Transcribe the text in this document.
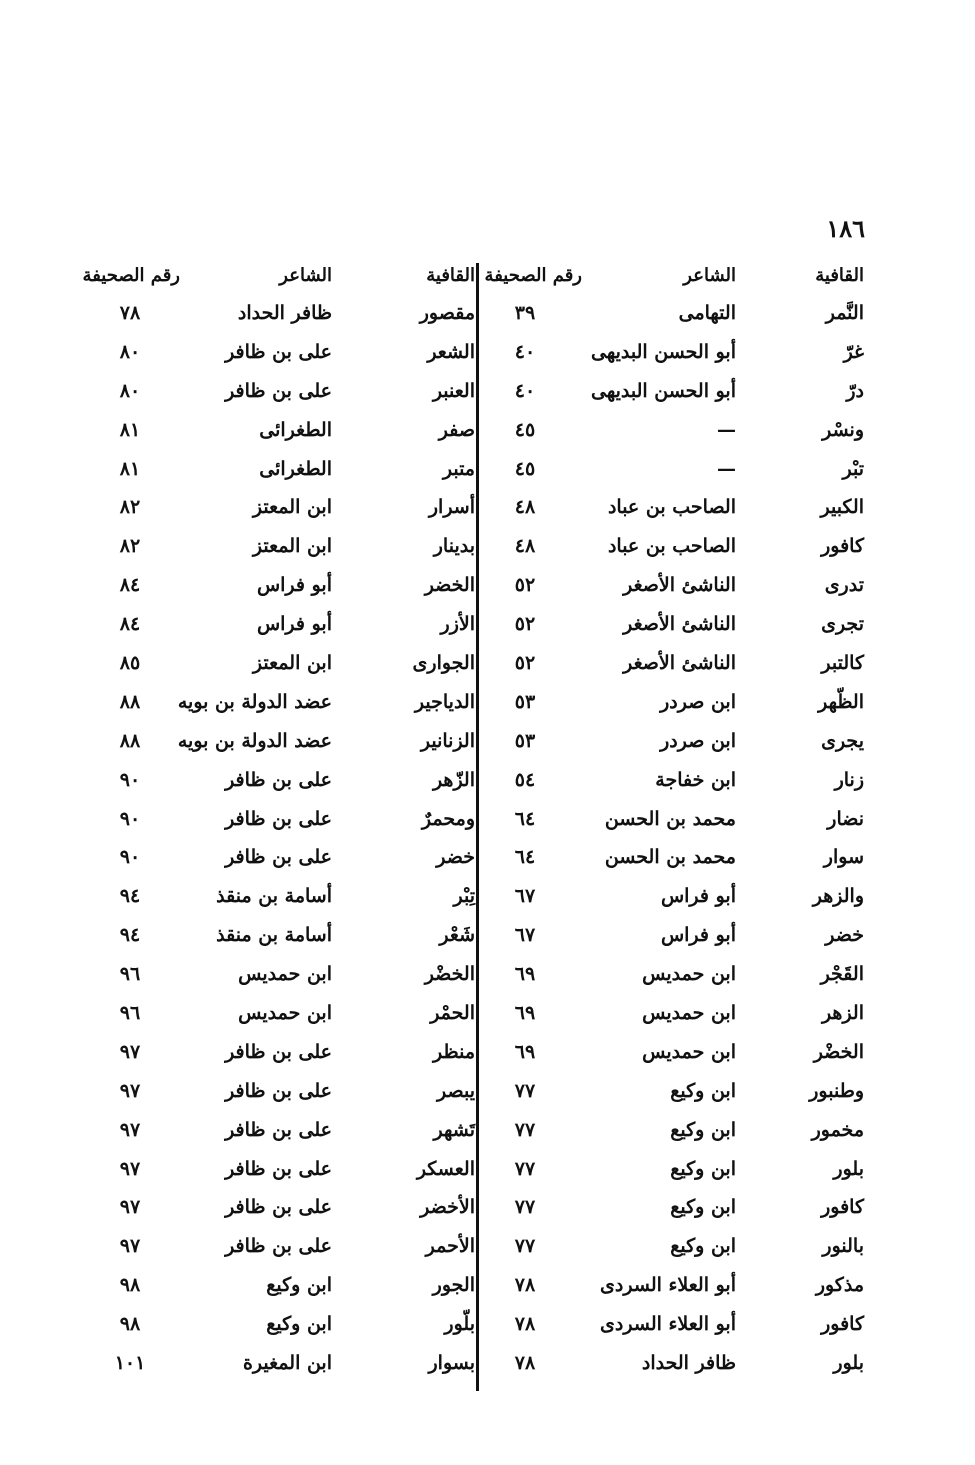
١٨٦
القافية
الشاعر
رقم الصحيفة
النَّمر
التهامى
٣٩
غرّ
أبو الحسن البديهى
٤٠
درّ
أبو الحسن البديهى
٤٠
ونسْر
—
٤٥
تبْر
—
٤٥
الكبير
الصاحب بن عباد
٤٨
كافور
الصاحب بن عباد
٤٨
تدرى
الناشئ الأصغر
٥٢
تجرى
الناشئ الأصغر
٥٢
كالتبر
الناشئ الأصغر
٥٢
الظّهر
ابن صردر
٥٣
يجرى
ابن صردر
٥٣
زنار
ابن خفاجة
٥٤
نضار
محمد بن الحسن
٦٤
سوار
محمد بن الحسن
٦٤
والزهر
أبو فراس
٦٧
خضر
أبو فراس
٦٧
القَجْر
ابن حمديس
٦٩
الزهر
ابن حمديس
٦٩
الخضْر
ابن حمديس
٦٩
وطنبور
ابن وكيع
٧٧
مخمور
ابن وكيع
٧٧
بلور
ابن وكيع
٧٧
كافور
ابن وكيع
٧٧
بالنور
ابن وكيع
٧٧
مذكور
أبو العلاء السردى
٧٨
كافور
أبو العلاء السردى
٧٨
بلور
ظافر الحداد
٧٨
القافية
الشاعر
رقم الصحيفة
مقصور
ظافر الحداد
٧٨
الشعر
على بن ظافر
٨٠
العنبر
على بن ظافر
٨٠
صفر
الطغرائى
٨١
متبر
الطغرائى
٨١
أسرار
ابن المعتز
٨٢
بدينار
ابن المعتز
٨٢
الخضر
أبو فراس
٨٤
الأزر
أبو فراس
٨٤
الجوارى
ابن المعتز
٨٥
الدياجير
عضد الدولة بن بويه
٨٨
الزنانير
عضد الدولة بن بويه
٨٨
الزّهر
على بن ظافر
٩٠
ومحمرٌ
على بن ظافر
٩٠
خضر
على بن ظافر
٩٠
تِبْر
أسامة بن منقذ
٩٤
شَعْر
أسامة بن منقذ
٩٤
الخضْر
ابن حمديس
٩٦
الحمْر
ابن حمديس
٩٦
منظر
على بن ظافر
٩٧
يبصر
على بن ظافر
٩٧
تَشهر
على بن ظافر
٩٧
العسكر
على بن ظافر
٩٧
الأخضر
على بن ظافر
٩٧
الأحمر
على بن ظافر
٩٧
الجور
ابن وكيع
٩٨
بلّور
ابن وكيع
٩٨
بسوار
ابن المغيرة
١٠١
